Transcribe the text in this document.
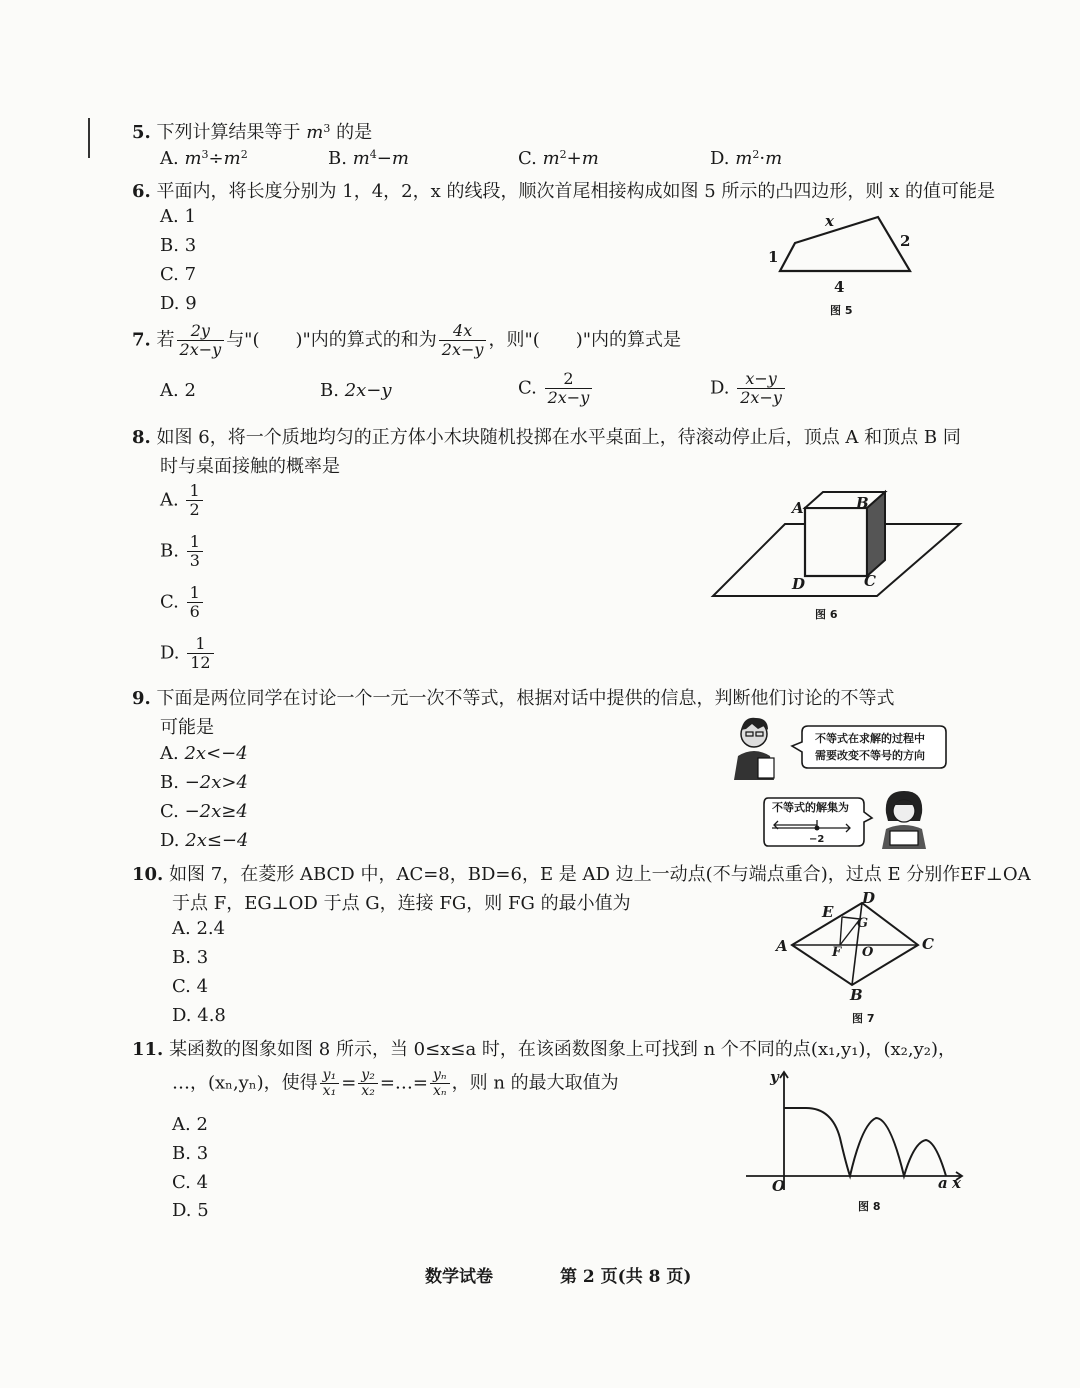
5. 下列计算结果等于 $m^3$ 的是
A. $m^3\div m^2$	B. $m^4-m$	C. $m^2+m$	D. $m^2\cdot m$
6. 平面内，将长度分别为 1，4，2，x 的线段，顺次首尾相接构成如图 5 所示的凸四边形，则 x 的值可能是
A. 1
B. 3
C. 7
D. 9
x
1
2
4
图 5
7. 若 $\frac{2y}{2x-y}$ 与"(　　)"内的算式的和为 $\frac{4x}{2x-y}$ ，则"(　　)"内的算式是
A. 2	B. 2x−y	C. $\frac{2}{2x-y}$	D. $\frac{x-y}{2x-y}$
8. 如图 6，将一个质地均匀的正方体小木块随机投掷在水平桌面上，待滚动停止后，顶点 A 和顶点 B 同
时与桌面接触的概率是
A. $\frac{1}{2}$
B. $\frac{1}{3}$
C. $\frac{1}{6}$
D. $\frac{1}{12}$
A	B
D	C
图 6
9. 下面是两位同学在讨论一个一元一次不等式，根据对话中提供的信息，判断他们讨论的不等式
可能是
A. 2x<−4
B. −2x>4
C. −2x≥4
D. 2x≤−4
不等式在求解的过程中
需要改变不等号的方向
不等式的解集为
−2
10. 如图 7，在菱形 ABCD 中，AC=8，BD=6，E 是 AD 边上一动点(不与端点重合)，过点 E 分别作EF⊥OA
于点 F，EG⊥OD 于点 G，连接 FG，则 FG 的最小值为
A. 2.4
B. 3
C. 4
D. 4.8
D
E
G
A	C
F O
B
图 7
11. 某函数的图象如图 8 所示，当 0≤x≤a 时，在该函数图象上可找到 n 个不同的点(x₁,y₁)，(x₂,y₂)，
…，(xₙ,yₙ)，使得 $\frac{\text{y₁}}{\text{x₁}} = \frac{\text{y₂}}{\text{x₂}}$ =…= $\frac{\text{yₙ}}{\text{xₙ}}$ ，则 n 的最大取值为
A. 2
B. 3
C. 4
D. 5
y
O	a x
图 8
数学试卷	第 2 页(共 8 页)
